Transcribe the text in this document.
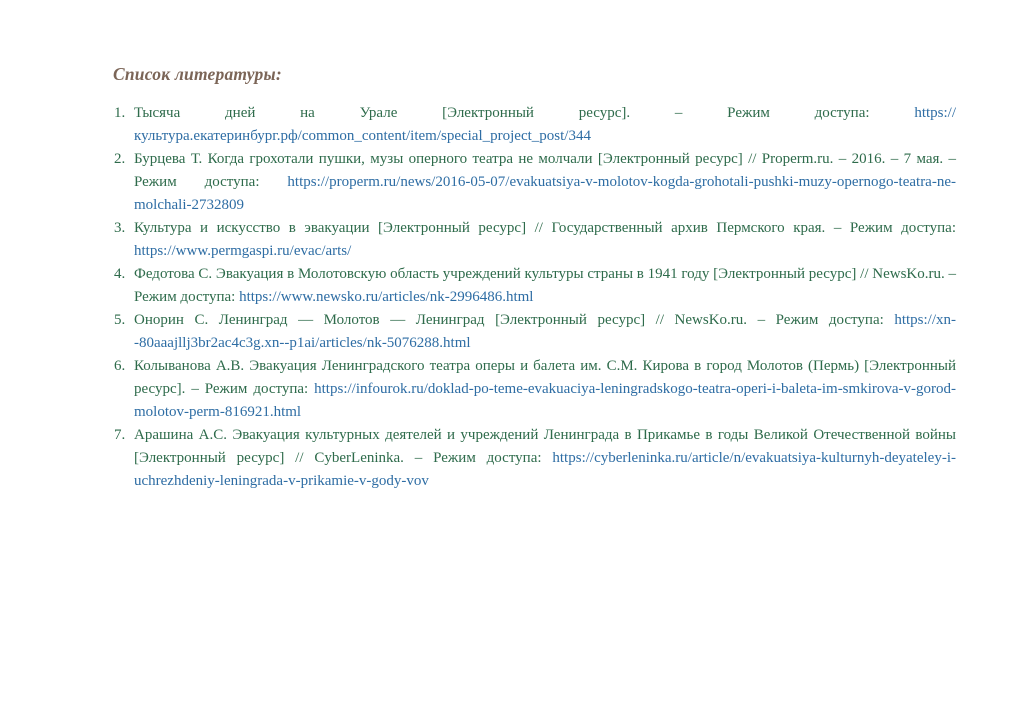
Список литературы:
1. Тысяча дней на Урале [Электронный ресурс]. – Режим доступа: https://культура.екатеринбург.рф/common_content/item/special_project_post/344
2. Бурцева Т. Когда грохотали пушки, музы оперного театра не молчали [Электронный ресурс] // Properm.ru. – 2016. – 7 мая. – Режим доступа: https://properm.ru/news/2016-05-07/evakuatsiya-v-molotov-kogda-grohotali-pushki-muzy-opernogo-teatra-ne-molchali-2732809
3. Культура и искусство в эвакуации [Электронный ресурс] // Государственный архив Пермского края. – Режим доступа: https://www.permgaspi.ru/evac/arts/
4. Федотова С. Эвакуация в Молотовскую область учреждений культуры страны в 1941 году [Электронный ресурс] // NewsKo.ru. – Режим доступа: https://www.newsko.ru/articles/nk-2996486.html
5. Онорин С. Ленинград — Молотов — Ленинград [Электронный ресурс] // NewsKo.ru. – Режим доступа: https://xn--80aaajllj3br2ac4c3g.xn--p1ai/articles/nk-5076288.html
6. Колыванова А.В. Эвакуация Ленинградского театра оперы и балета им. С.М. Кирова в город Молотов (Пермь) [Электронный ресурс]. – Режим доступа: https://infourok.ru/doklad-po-teme-evakuaciya-leningradskogo-teatra-operi-i-baleta-im-smkirova-v-gorod-molotov-perm-816921.html
7. Арашина А.С. Эвакуация культурных деятелей и учреждений Ленинграда в Прикамье в годы Великой Отечественной войны [Электронный ресурс] // CyberLeninka. – Режим доступа: https://cyberleninka.ru/article/n/evakuatsiya-kulturnyh-deyateley-i-uchrezhdeniy-leningrada-v-prikamie-v-gody-vov
